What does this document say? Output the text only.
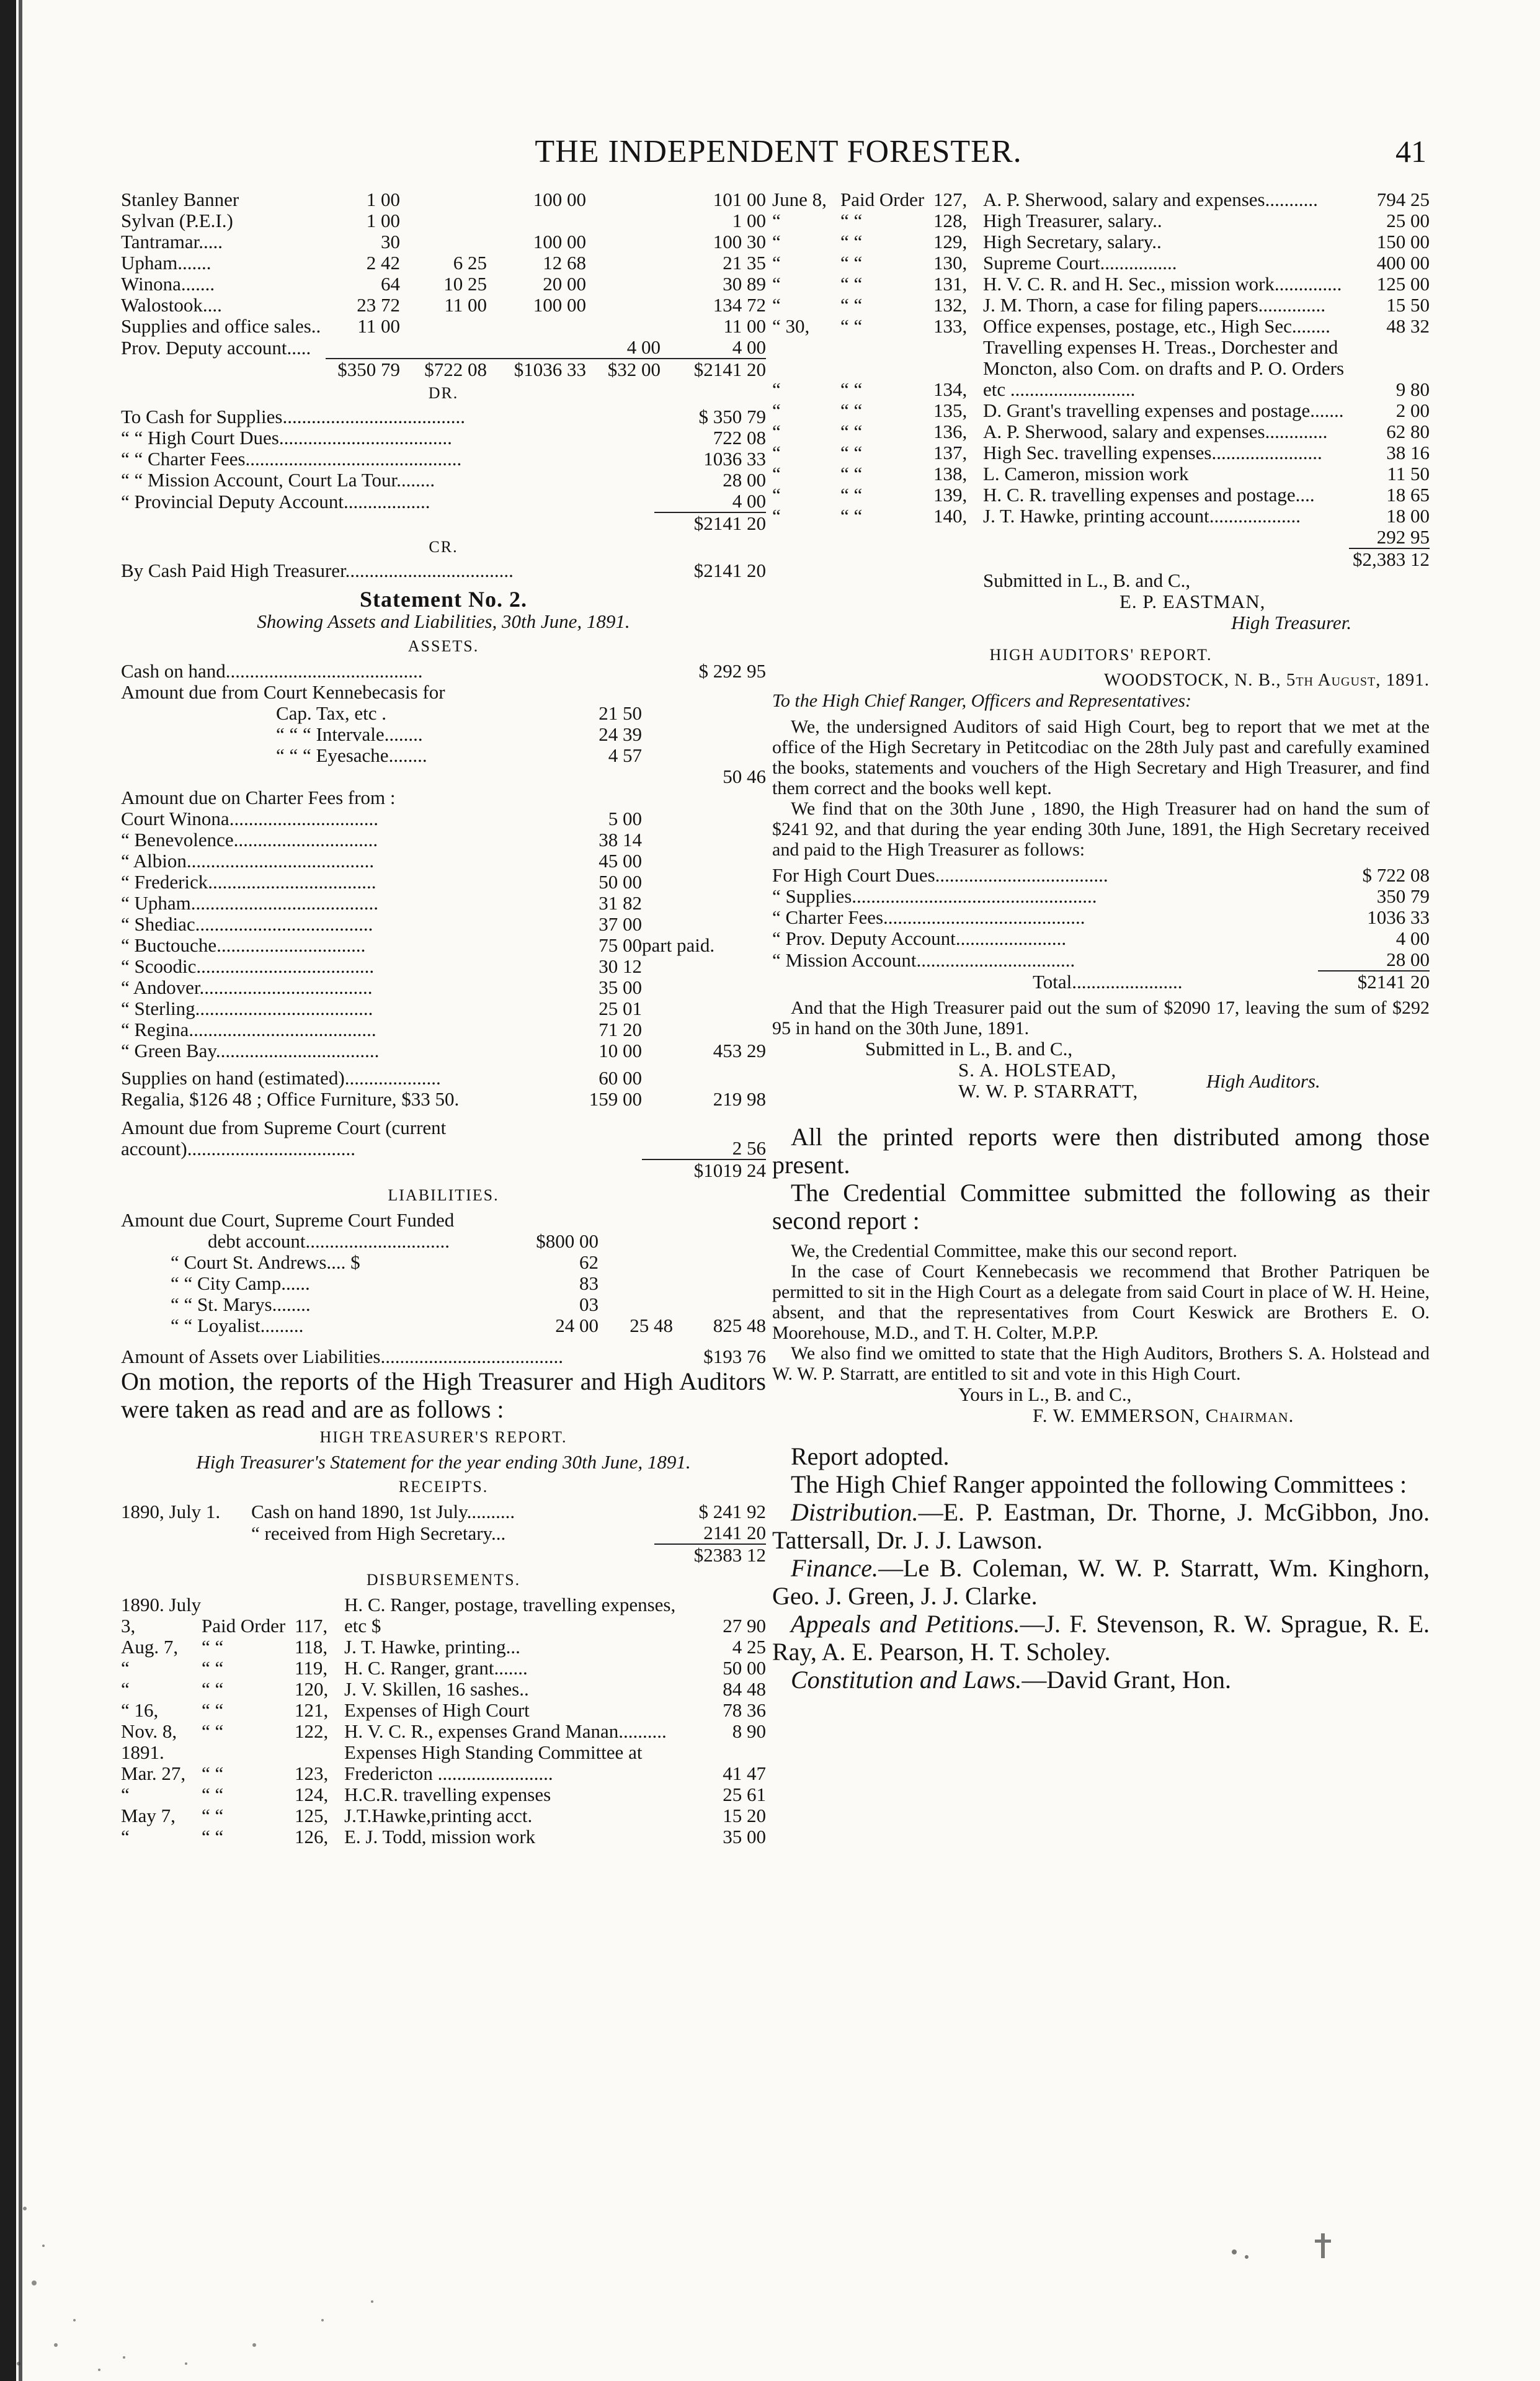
THE INDEPENDENT FORESTER.	41
Stanley Banner	1 00		100 00		101 00
Sylvan (P.E.I.)	1 00				1 00
Tantramar.....	30		100 00		100 30
Upham.......	2 42	6 25	12 68		21 35
Winona.......	64	10 25	20 00		30 89
Walostook....	23 72	11 00	100 00		134 72
Supplies and office sales..	11 00				11 00
Prov. Deputy account.....				4 00	4 00
	$350 79	$722 08	$1036 33	$32 00	$2141 20
DR.
To Cash for Supplies......................................	$ 350 79
“ “ High Court Dues....................................	722 08
“ “ Charter Fees.............................................	1036 33
“ “ Mission Account, Court La Tour........	28 00
“ Provincial Deputy Account..................	4 00
	$2141 20
CR.
By Cash Paid High Treasurer...................................	$2141 20
Statement No. 2.
Showing Assets and Liabilities, 30th June, 1891.
ASSETS.
Cash on hand.........................................		$ 292 95
Amount due from Court Kennebecasis for		
Cap. Tax, etc .	21 50	
“ “ “ Intervale........	24 39	
“ “ “ Eyesache........	4 57	
		50 46
Amount due on Charter Fees from :		
Court Winona...............................	5 00	
“ Benevolence..............................	38 14	
“ Albion.......................................	45 00	
“ Frederick...................................	50 00	
“ Upham.......................................	31 82	
“ Shediac.....................................	37 00	
“ Buctouche...............................	75 00	part paid.
“ Scoodic.....................................	30 12	
“ Andover....................................	35 00	
“ Sterling.....................................	25 01	
“ Regina.......................................	71 20	
“ Green Bay..................................	10 00	453 29
Supplies on hand (estimated)....................	60 00	
Regalia, $126 48 ; Office Furniture, $33 50.	159 00	219 98
Amount due from Supreme Court (current account)...................................		2 56
		$1019 24
LIABILITIES.
Amount due Court, Supreme Court Funded			
debt account..............................	$800 00		
“ Court St. Andrews.... $	62		
“ “ City Camp......	83		
“ “ St. Marys........	03		
“ “ Loyalist.........	24 00	25 48	825 48
Amount of Assets over Liabilities......................................			$193 76

On motion, the reports of the High Treasurer and High Auditors were taken as read and are as follows :

HIGH TREASURER'S REPORT.
High Treasurer's Statement for the year ending 30th June, 1891.
RECEIPTS.
1890, July 1.	Cash on hand 1890, 1st July..........	$ 241 92
	“ received from High Secretary...	2141 20
		$2383 12
DISBURSEMENTS.
1890. July 3,	Paid Order	117,	H. C. Ranger, postage, travelling expenses, etc $	27 90
Aug. 7,	“ “	118,	J. T. Hawke, printing...	4 25
“	“ “	119,	H. C. Ranger, grant.......	50 00
“	“ “	120,	J. V. Skillen, 16 sashes..	84 48
“ 16,	“ “	121,	Expenses of High Court	78 36
Nov. 8,	“ “	122,	H. V. C. R., expenses Grand Manan..........	8 90
1891. Mar. 27,	“ “	123,	Expenses High Standing Committee at Fredericton ........................	41 47
“	“ “	124,	H.C.R. travelling expenses	25 61
May 7,	“ “	125,	J.T.Hawke,printing acct.	15 20
“	“ “	126,	E. J. Todd, mission work	35 00
June 8,	Paid Order	127,	A. P. Sherwood, salary and expenses...........	794 25
“	“ “	128,	High Treasurer, salary..	25 00
“	“ “	129,	High Secretary, salary..	150 00
“	“ “	130,	Supreme Court................	400 00
“	“ “	131,	H. V. C. R. and H. Sec., mission work..............	125 00
“	“ “	132,	J. M. Thorn, a case for filing papers..............	15 50
“ 30,	“ “	133,	Office expenses, postage, etc., High Sec........	48 32
“	“ “	134,	Travelling expenses H. Treas., Dorchester and Moncton, also Com. on drafts and P. O. Orders etc ..........................	9 80
“	“ “	135,	D. Grant's travelling expenses and postage.......	2 00
“	“ “	136,	A. P. Sherwood, salary and expenses.............	62 80
“	“ “	137,	High Sec. travelling expenses.......................	38 16
“	“ “	138,	L. Cameron, mission work	11 50
“	“ “	139,	H. C. R. travelling expenses and postage....	18 65
“	“ “	140,	J. T. Hawke, printing account...................	18 00
				292 95
				$2,383 12
Submitted in L., B. and C.,
E. P. EASTMAN,
High Treasurer.
HIGH AUDITORS' REPORT.
WOODSTOCK, N. B., 5th August, 1891.
To the High Chief Ranger, Officers and Representatives:

We, the undersigned Auditors of said High Court, beg to report that we met at the office of the High Secretary in Petitcodiac on the 28th July past and carefully examined the books, statements and vouchers of the High Secretary and High Treasurer, and find them correct and the books well kept.

We find that on the 30th June , 1890, the High Treasurer had on hand the sum of $241 92, and that during the year ending 30th June, 1891, the High Secretary received and paid to the High Treasurer as follows:

For High Court Dues....................................	$ 722 08
“ Supplies...................................................	350 79
“ Charter Fees..........................................	1036 33
“ Prov. Deputy Account.......................	4 00
“ Mission Account.................................	28 00
Total.......................	$2141 20

And that the High Treasurer paid out the sum of $2090 17, leaving the sum of $292 95 in hand on the 30th June, 1891.

Submitted in L., B. and C.,
S. A. HOLSTEAD,
W. W. P. STARRATT,	High Auditors.

All the printed reports were then distributed among those present.

The Credential Committee submitted the following as their second report :

We, the Credential Committee, make this our second report.

In the case of Court Kennebecasis we recommend that Brother Patriquen be permitted to sit in the High Court as a delegate from said Court in place of W. H. Heine, absent, and that the representatives from Court Keswick are Brothers E. O. Moorehouse, M.D., and T. H. Colter, M.P.P.

We also find we omitted to state that the High Auditors, Brothers S. A. Holstead and W. W. P. Starratt, are entitled to sit and vote in this High Court.

Yours in L., B. and C.,
F. W. EMMERSON, Chairman.

Report adopted.

The High Chief Ranger appointed the following Committees :

Distribution.—E. P. Eastman, Dr. Thorne, J. McGibbon, Jno. Tattersall, Dr. J. J. Lawson.

Finance.—Le B. Coleman, W. W. P. Starratt, Wm. Kinghorn, Geo. J. Green, J. J. Clarke.

Appeals and Petitions.—J. F. Stevenson, R. W. Sprague, R. E. Ray, A. E. Pearson, H. T. Scholey.

Constitution and Laws.—David Grant, Hon.
